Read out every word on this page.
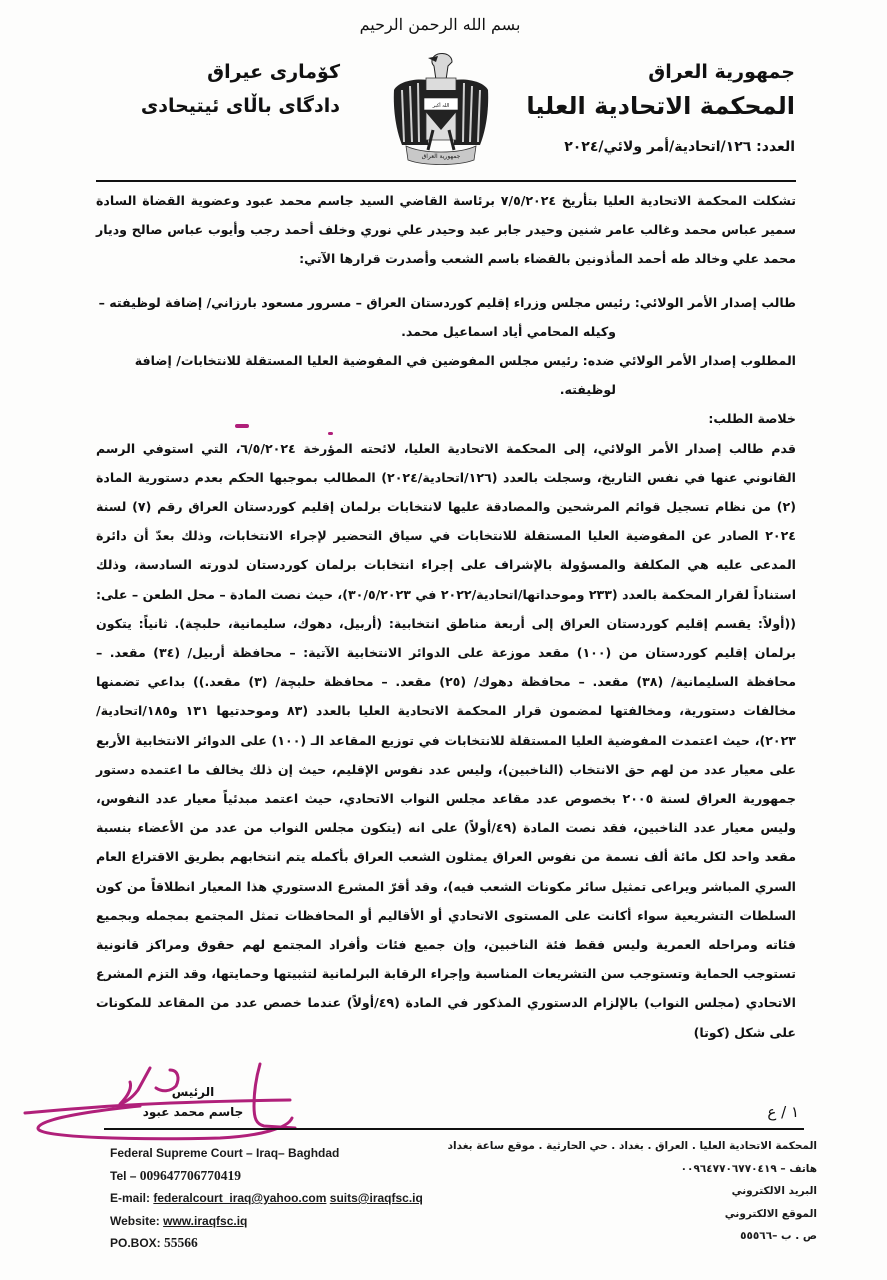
بسم الله الرحمن الرحيم
جمهورية العراق
المحكمة الاتحادية العليا
العدد: ١٢٦/اتحادية/أمر ولائي/٢٠٢٤
كۆمارى عيراق
دادگای باڵای ئیتیحادی	الله أكبر
جمهورية العراق

تشكلت المحكمة الاتحادية العليا بتأريخ ٧/٥/٢٠٢٤ برئاسة القاضي السيد جاسم محمد عبود وعضوية القضاة السادة سمير عباس محمد وغالب عامر شنين وحيدر جابر عبد وحيدر علي نوري وخلف أحمد رجب وأيوب عباس صالح وديار محمد علي وخالد طه أحمد المأذونين بالقضاء باسم الشعب وأصدرت قرارها الآتي:

طالب إصدار الأمر الولائي: رئيس مجلس وزراء إقليم كوردستان العراق – مسرور مسعود بارزاني/ إضافة لوظيفته –

وكيله المحامي أياد اسماعيل محمد.

المطلوب إصدار الأمر الولائي ضده: رئيس مجلس المفوضين في المفوضية العليا المستقلة للانتخابات/ إضافة

لوظيفته.

خلاصة الطلب:

قدم طالب إصدار الأمر الولائي، إلى المحكمة الاتحادية العليا، لائحته المؤرخة ٦/٥/٢٠٢٤، التي استوفي الرسم القانوني عنها في نفس التاريخ، وسجلت بالعدد (١٢٦/اتحادية/٢٠٢٤) المطالب بموجبها الحكم بعدم دستورية المادة (٢) من نظام تسجيل قوائم المرشحين والمصادقة عليها لانتخابات برلمان إقليم كوردستان العراق رقم (٧) لسنة ٢٠٢٤ الصادر عن المفوضية العليا المستقلة للانتخابات في سياق التحضير لإجراء الانتخابات، وذلك بعدّ أن دائرة المدعى عليه هي المكلفة والمسؤولة بالإشراف على إجراء انتخابات برلمان كوردستان لدورته السادسة، وذلك استناداً لقرار المحكمة بالعدد (٢٣٣ وموحداتها/اتحادية/٢٠٢٢ في ٣٠/٥/٢٠٢٣)، حيث نصت المادة – محل الطعن – على: ((أولاً: يقسم إقليم كوردستان العراق إلى أربعة مناطق انتخابية: (أربيل، دهوك، سليمانية، حلبچة). ثانياً: يتكون برلمان إقليم كوردستان من (١٠٠) مقعد موزعة على الدوائر الانتخابية الآتية: – محافظة أربيل/ (٣٤) مقعد. – محافظة السليمانية/ (٣٨) مقعد. – محافظة دهوك/ (٢٥) مقعد. – محافظة حلبچة/ (٣) مقعد.)) بداعي تضمنها مخالفات دستورية، ومخالفتها لمضمون قرار المحكمة الاتحادية العليا بالعدد (٨٣ وموحدتيها ١٣١ و١٨٥/اتحادية/٢٠٢٣)، حيث اعتمدت المفوضية العليا المستقلة للانتخابات في توزيع المقاعد الـ (١٠٠) على الدوائر الانتخابية الأربع على معيار عدد من لهم حق الانتخاب (الناخبين)، وليس عدد نفوس الإقليم، حيث إن ذلك يخالف ما اعتمده دستور جمهورية العراق لسنة ٢٠٠٥ بخصوص عدد مقاعد مجلس النواب الاتحادي، حيث اعتمد مبدئياً معيار عدد النفوس، وليس معيار عدد الناخبين، فقد نصت المادة (٤٩/أولاً) على انه (يتكون مجلس النواب من عدد من الأعضاء بنسبة مقعد واحد لكل مائة ألف نسمة من نفوس العراق يمثلون الشعب العراق بأكمله يتم انتخابهم بطريق الاقتراع العام السري المباشر ويراعى تمثيل سائر مكونات الشعب فيه)، وقد أقرّ المشرع الدستوري هذا المعيار انطلاقاً من كون السلطات التشريعية سواء أكانت على المستوى الاتحادي أو الأقاليم أو المحافظات تمثل المجتمع بمجمله وبجميع فئاته ومراحله العمرية وليس فقط فئة الناخبين، وإن جميع فئات وأفراد المجتمع لهم حقوق ومراكز قانونية تستوجب الحماية وتستوجب سن التشريعات المناسبة وإجراء الرقابة البرلمانية لتثبيتها وحمايتها، وقد التزم المشرع الاتحادي (مجلس النواب) بالإلزام الدستوري المذكور في المادة (٤٩/أولاً) عندما خصص عدد من المقاعد للمكونات على شكل (كوتا)

الرئيس
جاسم محمد عبود	١ / ع
Federal Supreme Court – Iraq– Baghdad
Tel – 009647706770419
E-mail: federalcourt_iraq@yahoo.com suits@iraqfsc.iq
Website: www.iraqfsc.iq
PO.BOX: 55566
المحكمة الاتحادية العليا . العراق . بغداد . حي الحارثية . موقع ساعة بغداد
هاتف – ٠٠٩٦٤٧٧٠٦٧٧٠٤١٩
البريد الالكتروني
الموقع الالكتروني
ص . ب –٥٥٥٦٦
